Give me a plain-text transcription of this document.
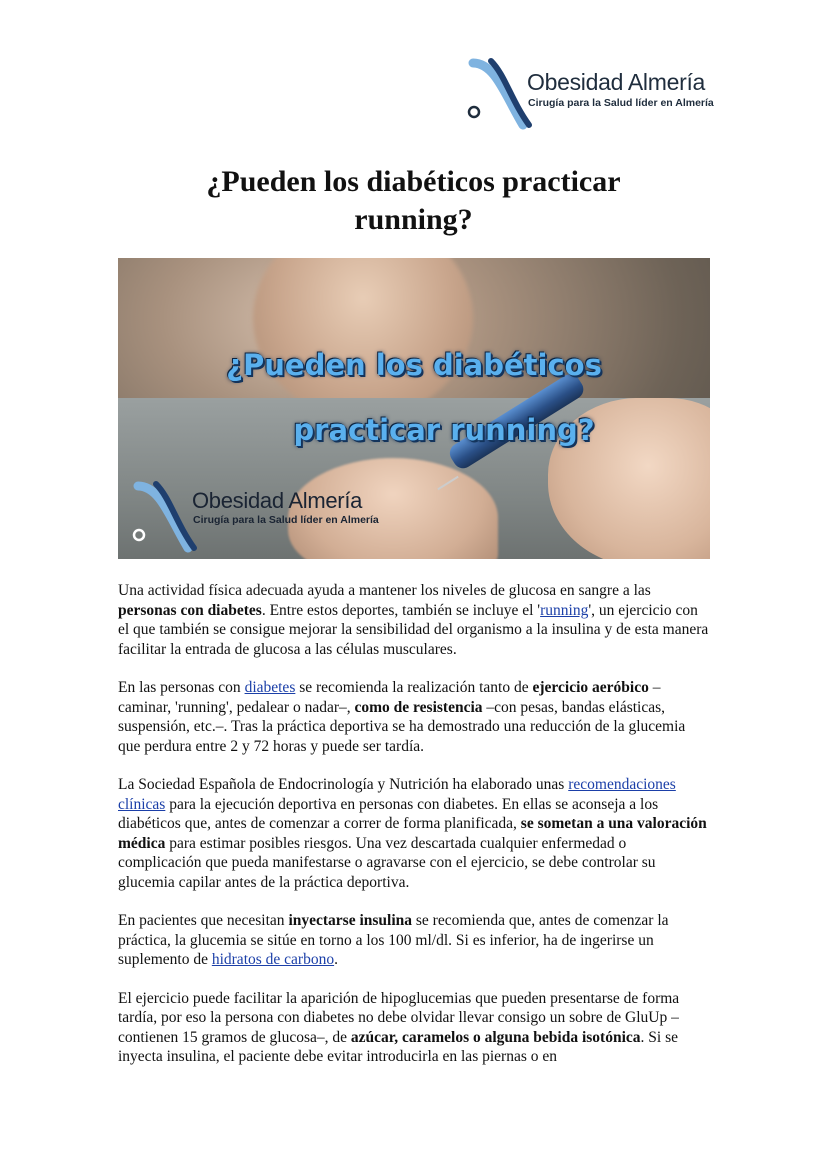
Obesidad Almería
Cirugía para la Salud líder en Almería
¿Pueden los diabéticos practicar running?
¿Pueden los diabéticos
practicar running?
Obesidad Almería
Cirugía para la Salud líder en Almería

Una actividad física adecuada ayuda a mantener los niveles de glucosa en sangre a las personas con diabetes. Entre estos deportes, también se incluye el 'running', un ejercicio con el que también se consigue mejorar la sensibilidad del organismo a la insulina y de esta manera facilitar la entrada de glucosa a las células musculares.

En las personas con diabetes se recomienda la realización tanto de ejercicio aeróbico –caminar, 'running', pedalear o nadar–, como de resistencia –con pesas, bandas elásticas, suspensión, etc.–. Tras la práctica deportiva se ha demostrado una reducción de la glucemia que perdura entre 2 y 72 horas y puede ser tardía.

La Sociedad Española de Endocrinología y Nutrición ha elaborado unas recomendaciones clínicas para la ejecución deportiva en personas con diabetes. En ellas se aconseja a los diabéticos que, antes de comenzar a correr de forma planificada, se sometan a una valoración médica para estimar posibles riesgos. Una vez descartada cualquier enfermedad o complicación que pueda manifestarse o agravarse con el ejercicio, se debe controlar su glucemia capilar antes de la práctica deportiva.

En pacientes que necesitan inyectarse insulina se recomienda que, antes de comenzar la práctica, la glucemia se sitúe en torno a los 100 ml/dl. Si es inferior, ha de ingerirse un suplemento de hidratos de carbono.

El ejercicio puede facilitar la aparición de hipoglucemias que pueden presentarse de forma tardía, por eso la persona con diabetes no debe olvidar llevar consigo un sobre de GluUp –contienen 15 gramos de glucosa–, de azúcar, caramelos o alguna bebida isotónica. Si se inyecta insulina, el paciente debe evitar introducirla en las piernas o en
